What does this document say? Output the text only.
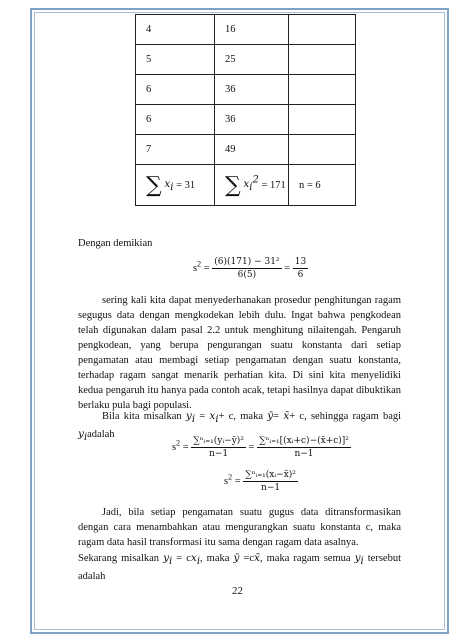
4	16	
5	25	
6	36	
6	36	
7	49	
∑ $x_i = 31$	∑ $x_i^2 = 171$	n = 6

Dengan demikian

$s^2 = \frac{\text{(6)(171) − 31²}}{6(5)} = \frac{13}{6}$

sering kali kita dapat menyederhanakan prosedur penghitungan ragam segugus data dengan mengkodekan lebih dulu. Ingat bahwa pengkodean telah digunakan dalam pasal 2.2 untuk menghitung nilaitengah. Pengaruh pengkodean, yang berupa pengurangan suatu konstanta dari setiap pengamatan atau membagi setiap pengamatan dengan suatu konstanta, terhadap ragam sangat menarik perhatian kita. Di sini kita menyelidiki kedua pengaruh itu hanya pada contoh acak, tetapi hasilnya dapat dibuktikan berlaku pula bagi populasi.

Bila kita misalkan $y_i = x_i+ c$, maka ȳ= x̄+ c, sehingga ragam bagi $y_iadalah$

$s^2 = \frac{\text{∑ⁿᵢ₌₁(yᵢ−ȳ)²}}{n-1} = \frac{\text{∑ⁿᵢ₌₁[(xᵢ+c)−(x̄+c)]²}}{n-1}$
$s^2 = \frac{\text{∑ⁿᵢ₌₁(xᵢ−x̄)²}}{n-1}$

Jadi, bila setiap pengamatan suatu gugus data ditransformasikan dengan cara menambahkan atau mengurangkan suatu konstanta c, maka ragam data hasil transformasi itu sama dengan ragam data asalnya.

Sekarang misalkan $y_i = cx_i$, maka ȳ =cx̄, maka ragam semua $y_i$ tersebut adalah

22
